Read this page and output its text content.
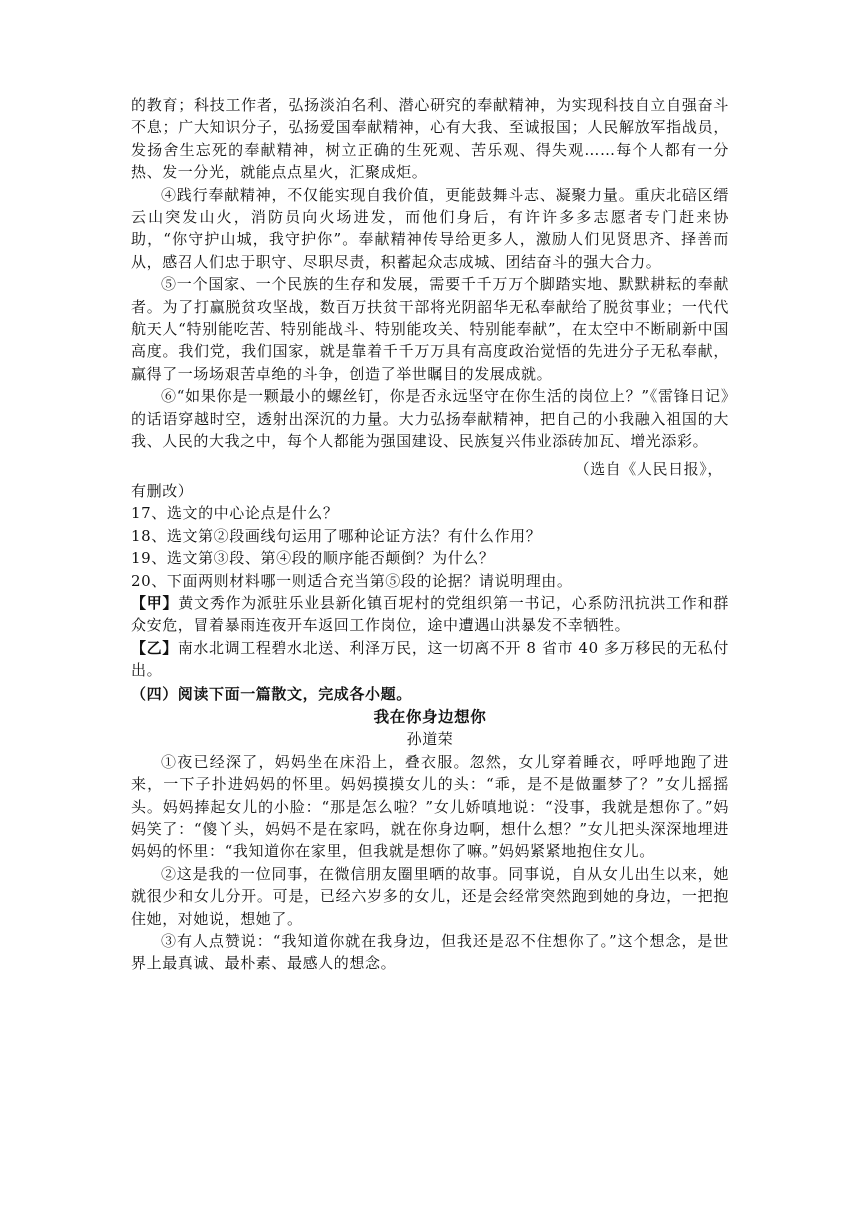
的教育；科技工作者，弘扬淡泊名利、潜心研究的奉献精神，为实现科技自立自强奋斗不息；广大知识分子，弘扬爱国奉献精神，心有大我、至诚报国；人民解放军指战员，发扬舍生忘死的奉献精神，树立正确的生死观、苦乐观、得失观……每个人都有一分热、发一分光，就能点点星火，汇聚成炬。

④践行奉献精神，不仅能实现自我价值，更能鼓舞斗志、凝聚力量。重庆北碚区缙云山突发山火，消防员向火场进发，而他们身后，有许许多多志愿者专门赶来协助，“你守护山城，我守护你”。奉献精神传导给更多人，激励人们见贤思齐、择善而从，感召人们忠于职守、尽职尽责，积蓄起众志成城、团结奋斗的强大合力。

⑤一个国家、一个民族的生存和发展，需要千千万万个脚踏实地、默默耕耘的奉献者。为了打赢脱贫攻坚战，数百万扶贫干部将光阴韶华无私奉献给了脱贫事业；一代代航天人“特别能吃苦、特别能战斗、特别能攻关、特别能奉献”，在太空中不断刷新中国高度。我们党，我们国家，就是靠着千千万万具有高度政治觉悟的先进分子无私奉献，赢得了一场场艰苦卓绝的斗争，创造了举世瞩目的发展成就。

⑥“如果你是一颗最小的螺丝钉，你是否永远坚守在你生活的岗位上？”《雷锋日记》的话语穿越时空，透射出深沉的力量。大力弘扬奉献精神，把自己的小我融入祖国的大我、人民的大我之中，每个人都能为强国建设、民族复兴伟业添砖加瓦、增光添彩。

（选自《人民日报》，

有删改）

17、选文的中心论点是什么？

18、选文第②段画线句运用了哪种论证方法？有什么作用？

19、选文第③段、第④段的顺序能否颠倒？为什么？

20、下面两则材料哪一则适合充当第⑤段的论据？请说明理由。

【甲】黄文秀作为派驻乐业县新化镇百坭村的党组织第一书记，心系防汛抗洪工作和群众安危，冒着暴雨连夜开车返回工作岗位，途中遭遇山洪暴发不幸牺牲。

【乙】南水北调工程碧水北送、利泽万民，这一切离不开 8 省市 40 多万移民的无私付出。

（四）阅读下面一篇散文，完成各小题。

我在你身边想你

孙道荣

①夜已经深了，妈妈坐在床沿上，叠衣服。忽然，女儿穿着睡衣，呼呼地跑了进来，一下子扑进妈妈的怀里。妈妈摸摸女儿的头：“乖，是不是做噩梦了？”女儿摇摇头。妈妈捧起女儿的小脸：“那是怎么啦？”女儿娇嗔地说：“没事，我就是想你了。”妈妈笑了：“傻丫头，妈妈不是在家吗，就在你身边啊，想什么想？”女儿把头深深地埋进妈妈的怀里：“我知道你在家里，但我就是想你了嘛。”妈妈紧紧地抱住女儿。

②这是我的一位同事，在微信朋友圈里晒的故事。同事说，自从女儿出生以来，她就很少和女儿分开。可是，已经六岁多的女儿，还是会经常突然跑到她的身边，一把抱住她，对她说，想她了。

③有人点赞说：“我知道你就在我身边，但我还是忍不住想你了。”这个想念，是世界上最真诚、最朴素、最感人的想念。
